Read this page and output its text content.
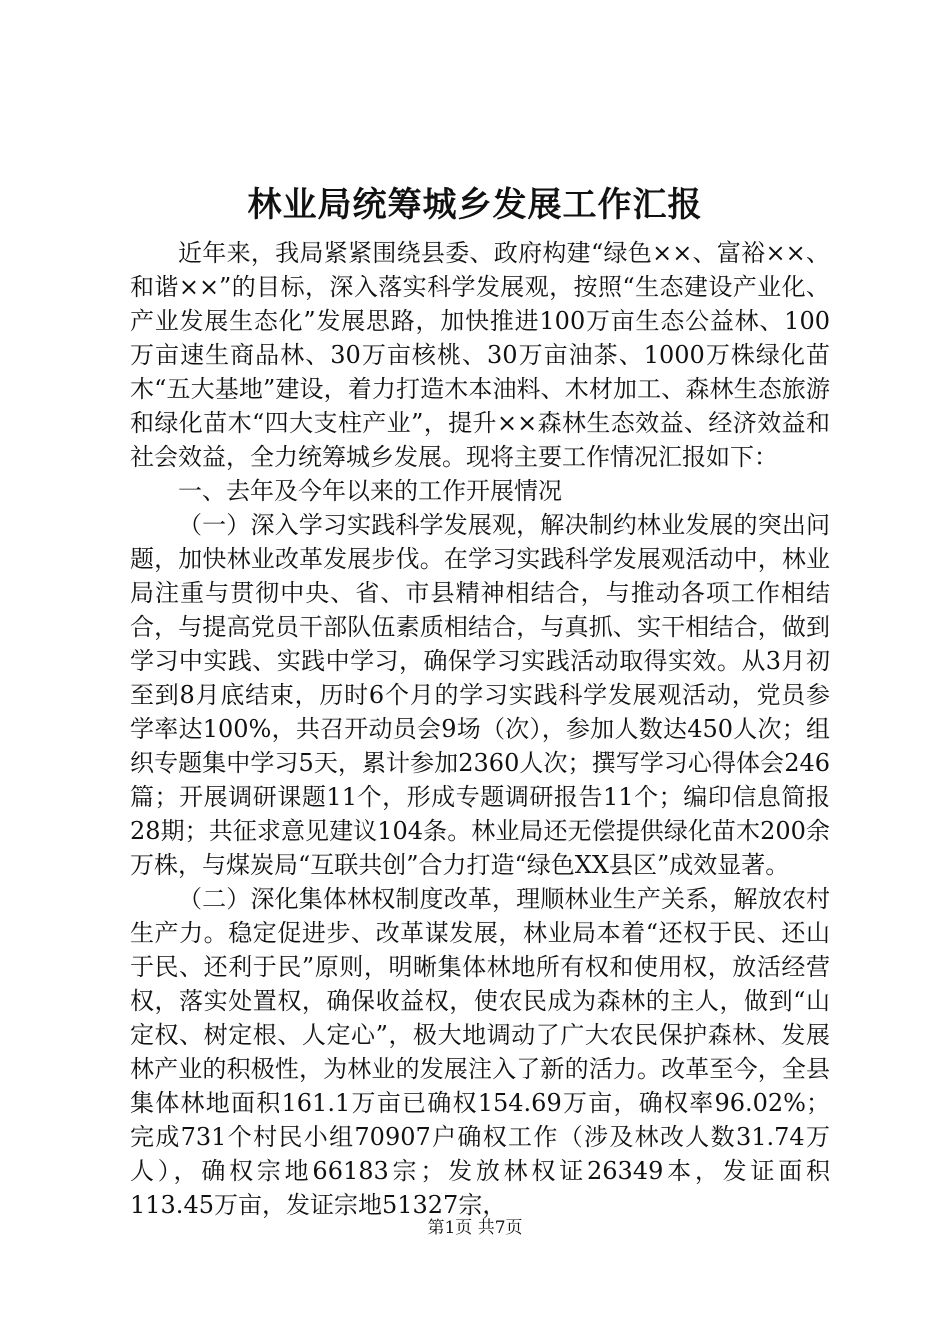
林业局统筹城乡发展工作汇报

近年来，我局紧紧围绕县委、政府构建“绿色××、富裕××、和谐××”的目标，深入落实科学发展观，按照“生态建设产业化、产业发展生态化”发展思路，加快推进100万亩生态公益林、100万亩速生商品林、30万亩核桃、30万亩油茶、1000万株绿化苗木“五大基地”建设，着力打造木本油料、木材加工、森林生态旅游和绿化苗木“四大支柱产业”，提升××森林生态效益、经济效益和社会效益，全力统筹城乡发展。现将主要工作情况汇报如下：

一、去年及今年以来的工作开展情况

（一）深入学习实践科学发展观，解决制约林业发展的突出问题，加快林业改革发展步伐。在学习实践科学发展观活动中，林业局注重与贯彻中央、省、市县精神相结合，与推动各项工作相结合，与提高党员干部队伍素质相结合，与真抓、实干相结合，做到学习中实践、实践中学习，确保学习实践活动取得实效。从3月初至到8月底结束，历时6个月的学习实践科学发展观活动，党员参学率达100%，共召开动员会9场（次），参加人数达450人次；组织专题集中学习5天，累计参加2360人次；撰写学习心得体会246篇；开展调研课题11个，形成专题调研报告11个；编印信息简报28期；共征求意见建议104条。林业局还无偿提供绿化苗木200余万株，与煤炭局“互联共创”合力打造“绿色XX县区”成效显著。

（二）深化集体林权制度改革，理顺林业生产关系，解放农村生产力。稳定促进步、改革谋发展，林业局本着“还权于民、还山于民、还利于民”原则，明晰集体林地所有权和使用权，放活经营权，落实处置权，确保收益权，使农民成为森林的主人，做到“山定权、树定根、人定心”，极大地调动了广大农民保护森林、发展林产业的积极性，为林业的发展注入了新的活力。改革至今，全县集体林地面积161.1万亩已确权154.69万亩，确权率96.02%；完成731个村民小组70907户确权工作（涉及林改人数31.74万人），确权宗地66183宗；发放林权证26349本，发证面积113.45万亩，发证宗地51327宗，

第1页 共7页
